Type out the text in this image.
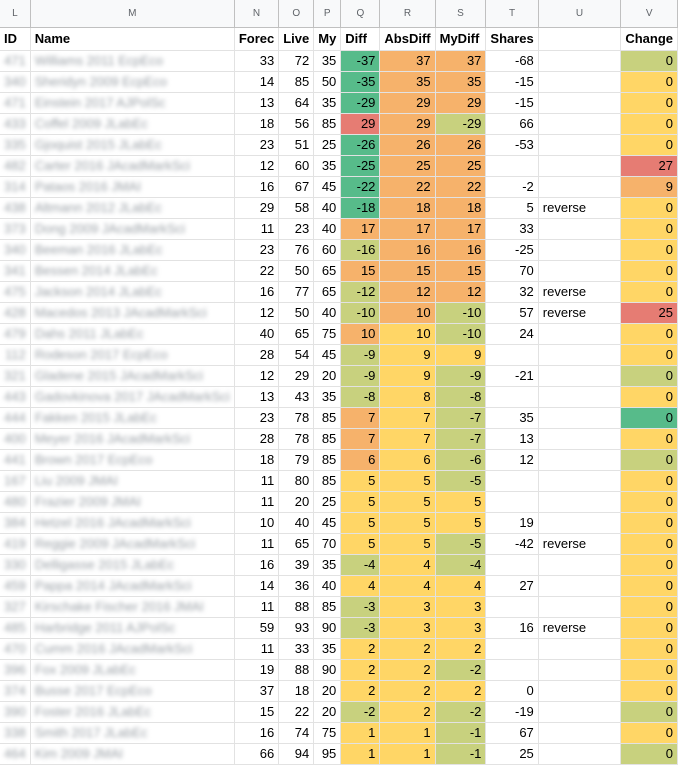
L	M	N	O	P	Q	R	S	T	U	V
ID	Name	Forec	Live	My	Diff	AbsDiff	MyDiff	Shares		Change
471	Williams 2011 EcpEco	33	72	35	-37	37	37	-68		0
340	Sheridyn 2009 EcpEco	14	85	50	-35	35	35	-15		0
471	Einstein 2017 AJPolSc	13	64	35	-29	29	29	-15		0
433	Coffel 2009 JLabEc	18	56	85	29	29	-29	66		0
335	Gjoquist 2015 JLabEc	23	51	25	-26	26	26	-53		0
482	Carter 2016 JAcadMarkSci	12	60	35	-25	25	25			27
314	Pataos 2016 JMAI	16	67	45	-22	22	22	-2		9
438	Altmann 2012 JLabEc	29	58	40	-18	18	18	5	reverse	0
373	Dong 2009 JAcadMarkSci	11	23	40	17	17	17	33		0
340	Beeman 2016 JLabEc	23	76	60	-16	16	16	-25		0
341	Bessen 2014 JLabEc	22	50	65	15	15	15	70		0
475	Jackson 2014 JLabEc	16	77	65	-12	12	12	32	reverse	0
428	Macedos 2013 JAcadMarkSci	12	50	40	-10	10	-10	57	reverse	25
479	Dahs 2011 JLabEc	40	65	75	10	10	-10	24		0
112	Rodeson 2017 EcpEco	28	54	45	-9	9	9			0
321	Gladene 2015 JAcadMarkSci	12	29	20	-9	9	-9	-21		0
443	Gadovkinova 2017 JAcadMarkSci	13	43	35	-8	8	-8			0
444	Fakken 2015 JLabEc	23	78	85	7	7	-7	35		0
400	Meyer 2016 JAcadMarkSci	28	78	85	7	7	-7	13		0
441	Brown 2017 EcpEco	18	79	85	6	6	-6	12		0
167	Liu 2009 JMAI	11	80	85	5	5	-5			0
480	Frazier 2009 JMAI	11	20	25	5	5	5			0
384	Hetzel 2016 JAcadMarkSci	10	40	45	5	5	5	19		0
419	Reggie 2009 JAcadMarkSci	11	65	70	5	5	-5	-42	reverse	0
330	Delligasse 2015 JLabEc	16	39	35	-4	4	-4			0
459	Pappa 2014 JAcadMarkSci	14	36	40	4	4	4	27		0
327	Kirschake Fischer 2016 JMAI	11	88	85	-3	3	3			0
485	Harbridge 2011 AJPolSc	59	93	90	-3	3	3	16	reverse	0
470	Cumm 2016 JAcadMarkSci	11	33	35	2	2	2			0
396	Fox 2009 JLabEc	19	88	90	2	2	-2			0
374	Busse 2017 EcpEco	37	18	20	2	2	2	0		0
390	Foster 2016 JLabEc	15	22	20	-2	2	-2	-19		0
338	Smith 2017 JLabEc	16	74	75	1	1	-1	67		0
464	Kim 2009 JMAI	66	94	95	1	1	-1	25		0
